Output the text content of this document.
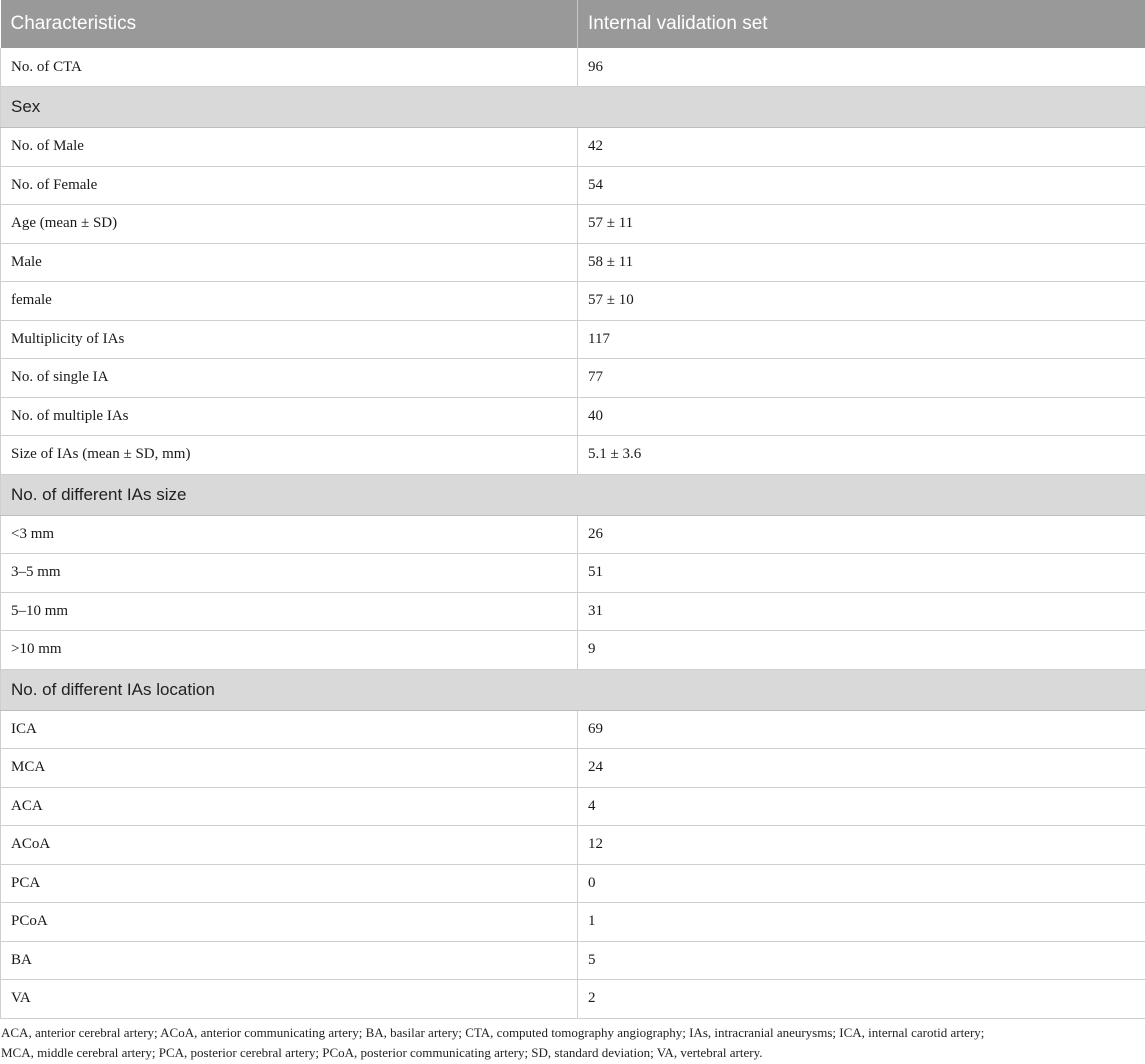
Characteristics	Internal validation set
No. of CTA	96
Sex	
No. of Male	42
No. of Female	54
Age (mean ± SD)	57 ± 11
Male	58 ± 11
female	57 ± 10
Multiplicity of IAs	117
No. of single IA	77
No. of multiple IAs	40
Size of IAs (mean ± SD, mm)	5.1 ± 3.6
No. of different IAs size	
<3 mm	26
3–5 mm	51
5–10 mm	31
>10 mm	9
No. of different IAs location	
ICA	69
MCA	24
ACA	4
ACoA	12
PCA	0
PCoA	1
BA	5
VA	2
ACA, anterior cerebral artery; ACoA, anterior communicating artery; BA, basilar artery; CTA, computed tomography angiography; IAs, intracranial aneurysms; ICA, internal carotid artery;
MCA, middle cerebral artery; PCA, posterior cerebral artery; PCoA, posterior communicating artery; SD, standard deviation; VA, vertebral artery.
